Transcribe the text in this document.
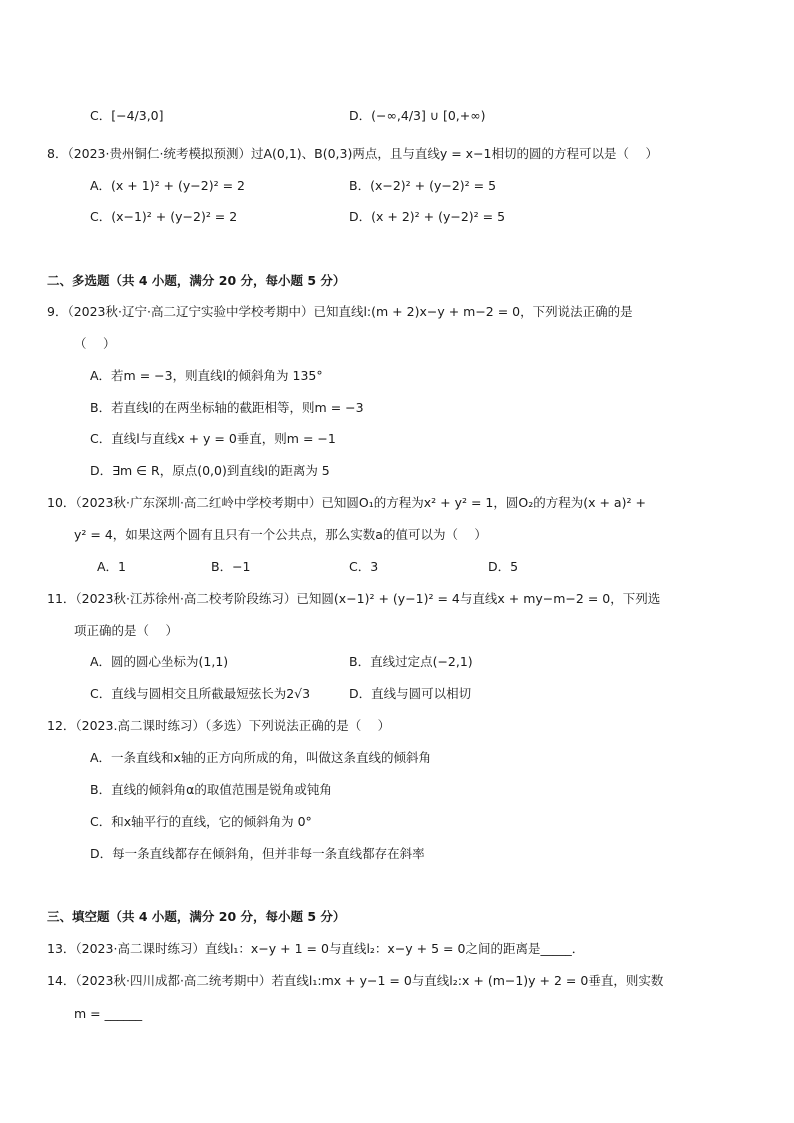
C．[−4/3,0]	D．(−∞,4/3] ∪ [0,+∞)
8．（2023·贵州铜仁·统考模拟预测）过A(0,1)、B(0,3)两点，且与直线y = x−1相切的圆的方程可以是（　 ）
A．(x + 1)² + (y−2)² = 2	B．(x−2)² + (y−2)² = 5
C．(x−1)² + (y−2)² = 2	D．(x + 2)² + (y−2)² = 5
二、多选题（共 4 小题，满分 20 分，每小题 5 分）
9．（2023秋·辽宁·高二辽宁实验中学校考期中）已知直线l:(m + 2)x−y + m−2 = 0，下列说法正确的是
（　 ）
A．若m = −3，则直线l的倾斜角为 135°
B．若直线l的在两坐标轴的截距相等，则m = −3
C．直线l与直线x + y = 0垂直，则m = −1
D．∃m ∈ R，原点(0,0)到直线l的距离为 5
10．（2023秋·广东深圳·高二红岭中学校考期中）已知圆O₁的方程为x² + y² = 1，圆O₂的方程为(x + a)² +
y² = 4，如果这两个圆有且只有一个公共点，那么实数a的值可以为（　 ）
A．1	B．−1	C．3	D．5
11．（2023秋·江苏徐州·高二校考阶段练习）已知圆(x−1)² + (y−1)² = 4与直线x + my−m−2 = 0，下列选
项正确的是（　 ）
A．圆的圆心坐标为(1,1)	B．直线过定点(−2,1)
C．直线与圆相交且所截最短弦长为2√3	D．直线与圆可以相切
12．（2023.高二课时练习）（多选）下列说法正确的是（　 ）
A．一条直线和x轴的正方向所成的角，叫做这条直线的倾斜角
B．直线的倾斜角α的取值范围是锐角或钝角
C．和x轴平行的直线，它的倾斜角为 0°
D．每一条直线都存在倾斜角，但并非每一条直线都存在斜率
三、填空题（共 4 小题，满分 20 分，每小题 5 分）
13．（2023·高二课时练习）直线l₁：x−y + 1 = 0与直线l₂：x−y + 5 = 0之间的距离是_____．
14．（2023秋·四川成都·高二统考期中）若直线l₁:mx + y−1 = 0与直线l₂:x + (m−1)y + 2 = 0垂直，则实数
m = ______
